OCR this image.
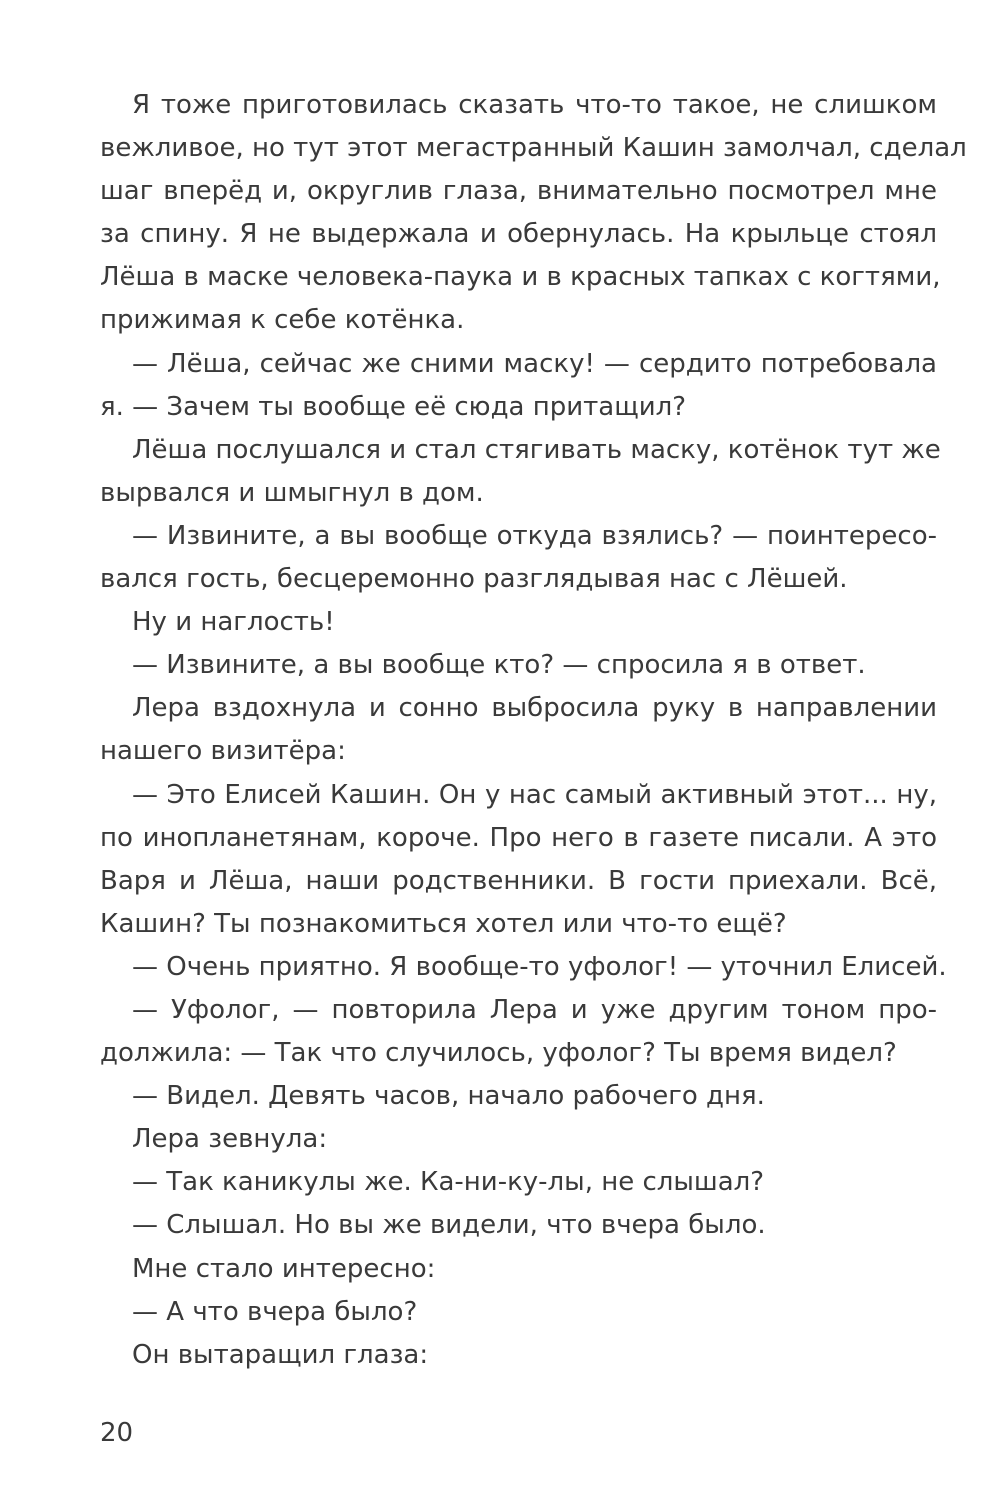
Я тоже приготовилась сказать что-то такое, не слишком
вежливое, но тут этот мегастранный Кашин замолчал, сделал
шаг вперёд и, округлив глаза, внимательно посмотрел мне
за спину. Я не выдержала и обернулась. На крыльце стоял
Лёша в маске человека-паука и в красных тапках с когтями,
прижимая к себе котёнка.
— Лёша, сейчас же сними маску! — сердито потребовала
я. — Зачем ты вообще её сюда притащил?
Лёша послушался и стал стягивать маску, котёнок тут же
вырвался и шмыгнул в дом.
— Извините, а вы вообще откуда взялись? — поинтересо-
вался гость, бесцеремонно разглядывая нас с Лёшей.
Ну и наглость!
— Извините, а вы вообще кто? — спросила я в ответ.
Лера вздохнула и сонно выбросила руку в направлении
нашего визитёра:
— Это Елисей Кашин. Он у нас самый активный этот... ну,
по инопланетянам, короче. Про него в газете писали. А это
Варя и Лёша, наши родственники. В гости приехали. Всё,
Кашин? Ты познакомиться хотел или что-то ещё?
— Очень приятно. Я вообще-то уфолог! — уточнил Елисей.
— Уфолог, — повторила Лера и уже другим тоном про-
должила: — Так что случилось, уфолог? Ты время видел?
— Видел. Девять часов, начало рабочего дня.
Лера зевнула:
— Так каникулы же. Ка-ни-ку-лы, не слышал?
— Слышал. Но вы же видели, что вчера было.
Мне стало интересно:
— А что вчера было?
Он вытаращил глаза:
20
